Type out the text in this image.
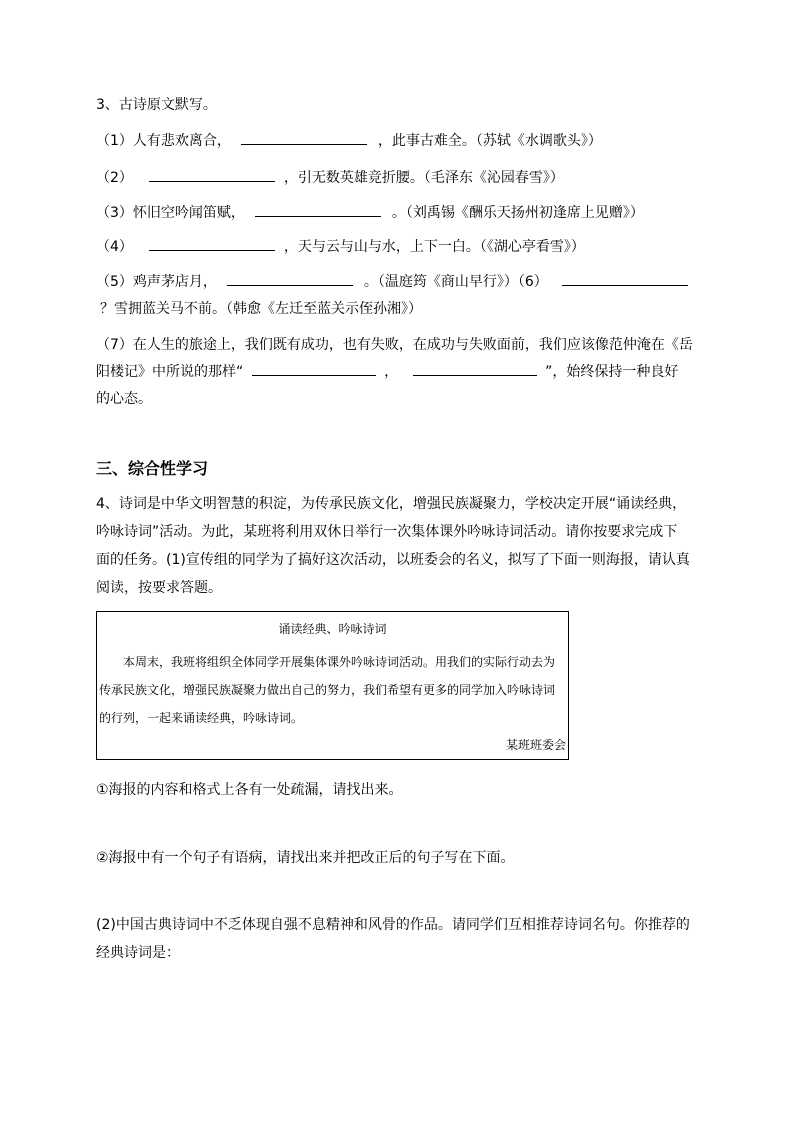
3、古诗原文默写。
（1）人有悲欢离合，	，此事古难全。（苏轼《水调歌头》）
（2）	，引无数英雄竞折腰。（毛泽东《沁园春雪》）
（3）怀旧空吟闻笛赋，	。（刘禹锡《酬乐天扬州初逢席上见赠》）
（4）	，天与云与山与水，上下一白。（《湖心亭看雪》）
（5）鸡声茅店月，	。（温庭筠《商山早行》）（6）
？雪拥蓝关马不前。（韩愈《左迁至蓝关示侄孙湘》）
（7）在人生的旅途上，我们既有成功，也有失败，在成功与失败面前，我们应该像范仲淹在《岳
阳楼记》中所说的那样“	，	”，始终保持一种良好
的心态。
三、综合性学习
4、诗词是中华文明智慧的积淀，为传承民族文化，增强民族凝聚力，学校决定开展“诵读经典，
吟咏诗词”活动。为此，某班将利用双休日举行一次集体课外吟咏诗词活动。请你按要求完成下
面的任务。(1)宣传组的同学为了搞好这次活动，以班委会的名义，拟写了下面一则海报，请认真
阅读，按要求答题。
诵读经典、吟咏诗词
本周末，我班将组织全体同学开展集体课外吟咏诗词活动。用我们的实际行动去为传承民族文化，增强民族凝聚力做出自己的努力，我们希望有更多的同学加入吟咏诗词的行列，一起来诵读经典，吟咏诗词。
某班班委会
①海报的内容和格式上各有一处疏漏，请找出来。
②海报中有一个句子有语病，请找出来并把改正后的句子写在下面。
(2)中国古典诗词中不乏体现自强不息精神和风骨的作品。请同学们互相推荐诗词名句。你推荐的
经典诗词是：
